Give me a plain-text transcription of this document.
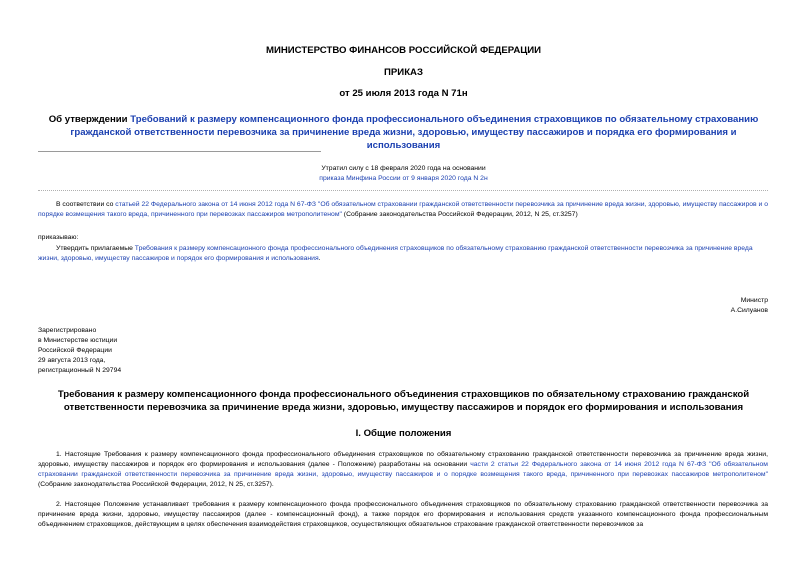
МИНИСТЕРСТВО ФИНАНСОВ РОССИЙСКОЙ ФЕДЕРАЦИИ
ПРИКАЗ
от 25 июля 2013 года N 71н
Об утверждении Требований к размеру компенсационного фонда профессионального объединения страховщиков по обязательному страхованию гражданской ответственности перевозчика за причинение вреда жизни, здоровью, имуществу пассажиров и порядка его формирования и использования
Утратил силу с 18 февраля 2020 года на основании
приказа Минфина России от 9 января 2020 года N 2н
В соответствии со статьей 22 Федерального закона от 14 июня 2012 года N 67-ФЗ "Об обязательном страховании гражданской ответственности перевозчика за причинение вреда жизни, здоровью, имуществу пассажиров и о порядке возмещения такого вреда, причиненного при перевозках пассажиров метрополитеном" (Собрание законодательства Российской Федерации, 2012, N 25, ст.3257)
приказываю:
Утвердить прилагаемые Требования к размеру компенсационного фонда профессионального объединения страховщиков по обязательному страхованию гражданской ответственности перевозчика за причинение вреда жизни, здоровью, имуществу пассажиров и порядок его формирования и использования.
Министр
А.Силуанов
Зарегистрировано
в Министерстве юстиции
Российской Федерации
29 августа 2013 года,
регистрационный N 29794
Требования к размеру компенсационного фонда профессионального объединения страховщиков по обязательному страхованию гражданской ответственности перевозчика за причинение вреда жизни, здоровью, имуществу пассажиров и порядок его формирования и использования
I. Общие положения
1. Настоящие Требования к размеру компенсационного фонда профессионального объединения страховщиков по обязательному страхованию гражданской ответственности перевозчика за причинение вреда жизни, здоровью, имуществу пассажиров и порядок его формирования и использования (далее - Положение) разработаны на основании части 2 статьи 22 Федерального закона от 14 июня 2012 года N 67-ФЗ "Об обязательном страховании гражданской ответственности перевозчика за причинение вреда жизни, здоровью, имуществу пассажиров и о порядке возмещения такого вреда, причиненного при перевозках пассажиров метрополитеном" (Собрание законодательства Российской Федерации, 2012, N 25, ст.3257).
2. Настоящее Положение устанавливает требования к размеру компенсационного фонда профессионального объединения страховщиков по обязательному страхованию гражданской ответственности перевозчика за причинение вреда жизни, здоровью, имуществу пассажиров (далее - компенсационный фонд), а также порядок его формирования и использования средств указанного компенсационного фонда профессиональным объединением страховщиков, действующим в целях обеспечения взаимодействия страховщиков, осуществляющих обязательное страхование гражданской ответственности перевозчиков за
